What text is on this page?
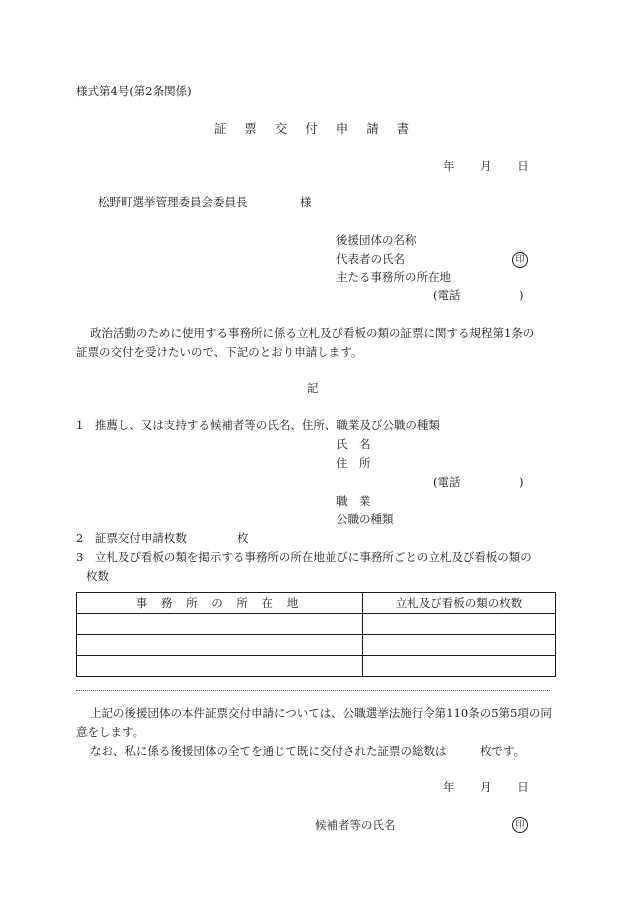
様式第4号(第2条関係)
証 票 交 付 申 請 書
年 月 日
松野町選挙管理委員会委員長	様
後援団体の名称
代表者の氏名	印
主たる事務所の所在地
(電話	)
政治活動のために使用する事務所に係る立札及び看板の類の証票に関する規程第1条の
証票の交付を受けたいので、下記のとおり申請します。
記
1　推薦し、又は支持する候補者等の氏名、住所、職業及び公職の種類
氏　名
住　所
(電話	)
職　業
公職の種類
2　証票交付申請枚数	枚
3　立札及び看板の類を掲示する事務所の所在地並びに事務所ごとの立札及び看板の類の
枚数
事 務 所 の 所 在 地	立札及び看板の類の枚数

上記の後援団体の本件証票交付申請については、公職選挙法施行令第110条の5第5項の同
意をします。
なお、私に係る後援団体の全てを通じて既に交付された証票の総数は	枚です。
年 月 日
候補者等の氏名	印
